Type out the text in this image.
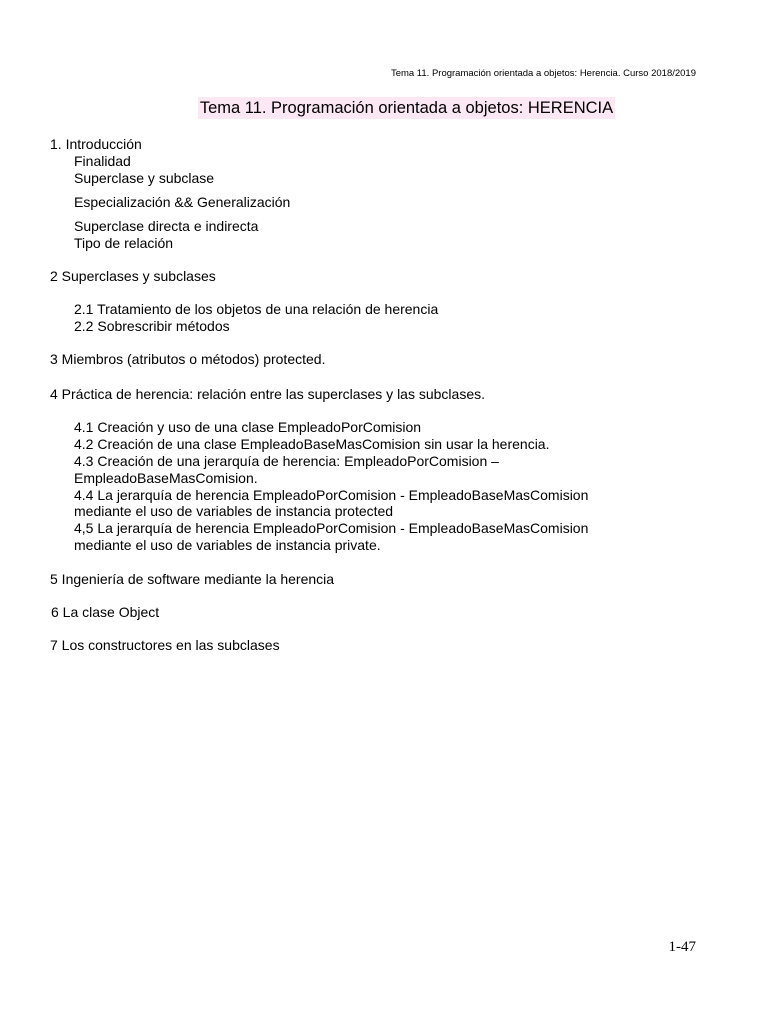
Tema 11. Programación orientada a objetos: Herencia. Curso 2018/2019
Tema 11. Programación orientada a objetos: HERENCIA
1. Introducción
Finalidad
Superclase y subclase
Especialización && Generalización
Superclase directa e indirecta
Tipo de relación
2 Superclases y subclases
2.1 Tratamiento de los objetos de una relación de herencia
2.2 Sobrescribir métodos
3 Miembros (atributos o métodos) protected.
4 Práctica de herencia: relación entre las superclases y las subclases.
4.1 Creación y uso de una clase EmpleadoPorComision
4.2 Creación de una clase EmpleadoBaseMasComision sin usar la herencia.
4.3 Creación de una jerarquía de herencia: EmpleadoPorComision –
EmpleadoBaseMasComision.
4.4 La jerarquía de herencia EmpleadoPorComision - EmpleadoBaseMasComision
mediante el uso de variables de instancia protected
4,5 La jerarquía de herencia EmpleadoPorComision - EmpleadoBaseMasComision
mediante el uso de variables de instancia private.
5 Ingeniería de software mediante la herencia
6 La clase Object
7 Los constructores en las subclases
1-47
